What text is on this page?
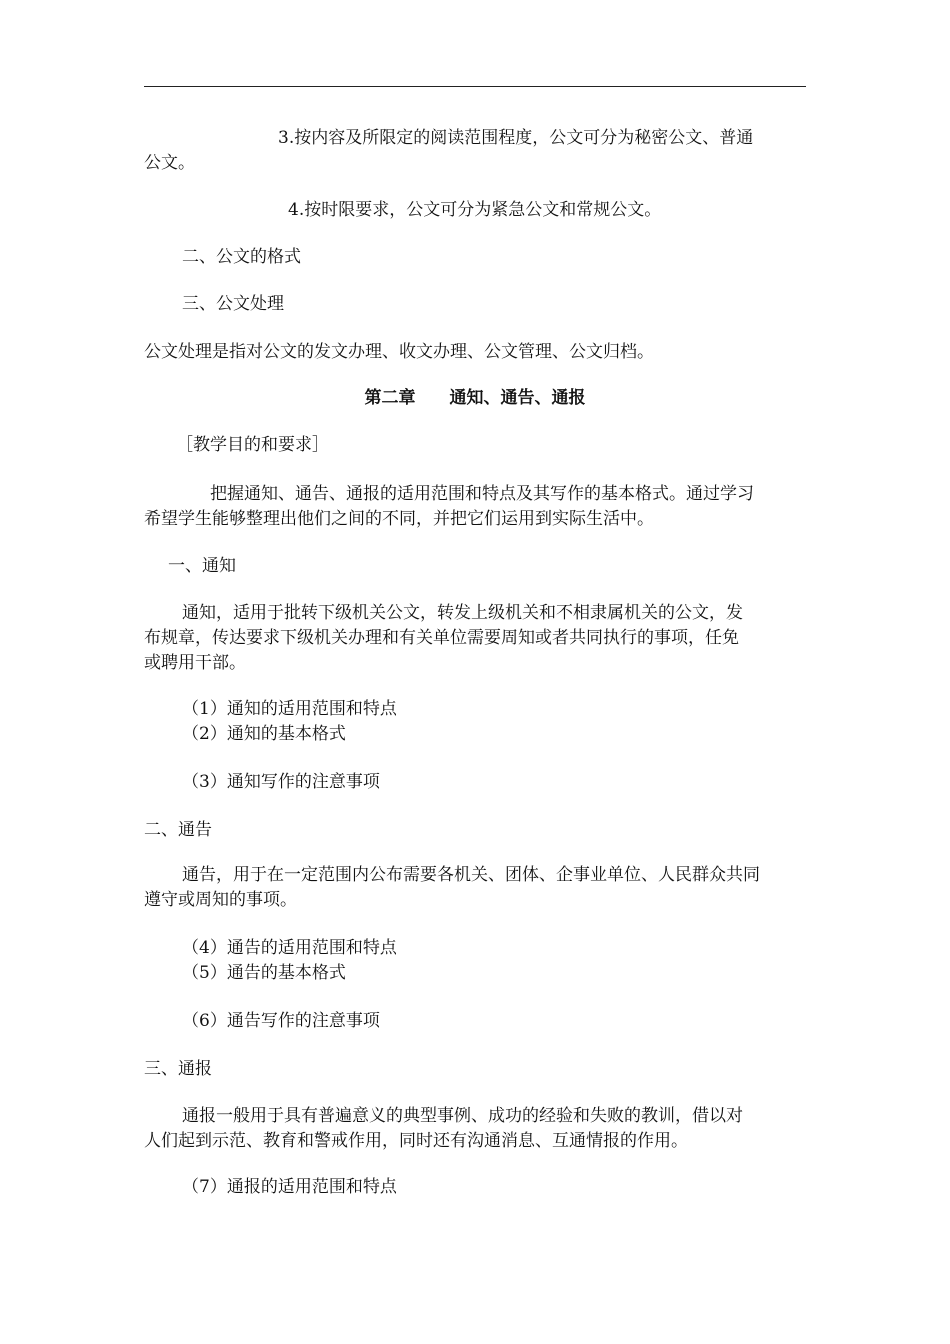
3.按内容及所限定的阅读范围程度，公文可分为秘密公文、普通
公文。
4.按时限要求，公文可分为紧急公文和常规公文。
二、公文的格式
三、公文处理
公文处理是指对公文的发文办理、收文办理、公文管理、公文归档。
第二章　　通知、通告、通报
［教学目的和要求］
把握通知、通告、通报的适用范围和特点及其写作的基本格式。通过学习
希望学生能够整理出他们之间的不同，并把它们运用到实际生活中。
一、通知
通知，适用于批转下级机关公文，转发上级机关和不相隶属机关的公文，发
布规章，传达要求下级机关办理和有关单位需要周知或者共同执行的事项，任免
或聘用干部。
（1）通知的适用范围和特点
（2）通知的基本格式
（3）通知写作的注意事项
二、通告
通告，用于在一定范围内公布需要各机关、团体、企事业单位、人民群众共同
遵守或周知的事项。
（4）通告的适用范围和特点
（5）通告的基本格式
（6）通告写作的注意事项
三、通报
通报一般用于具有普遍意义的典型事例、成功的经验和失败的教训，借以对
人们起到示范、教育和警戒作用，同时还有沟通消息、互通情报的作用。
（7）通报的适用范围和特点
